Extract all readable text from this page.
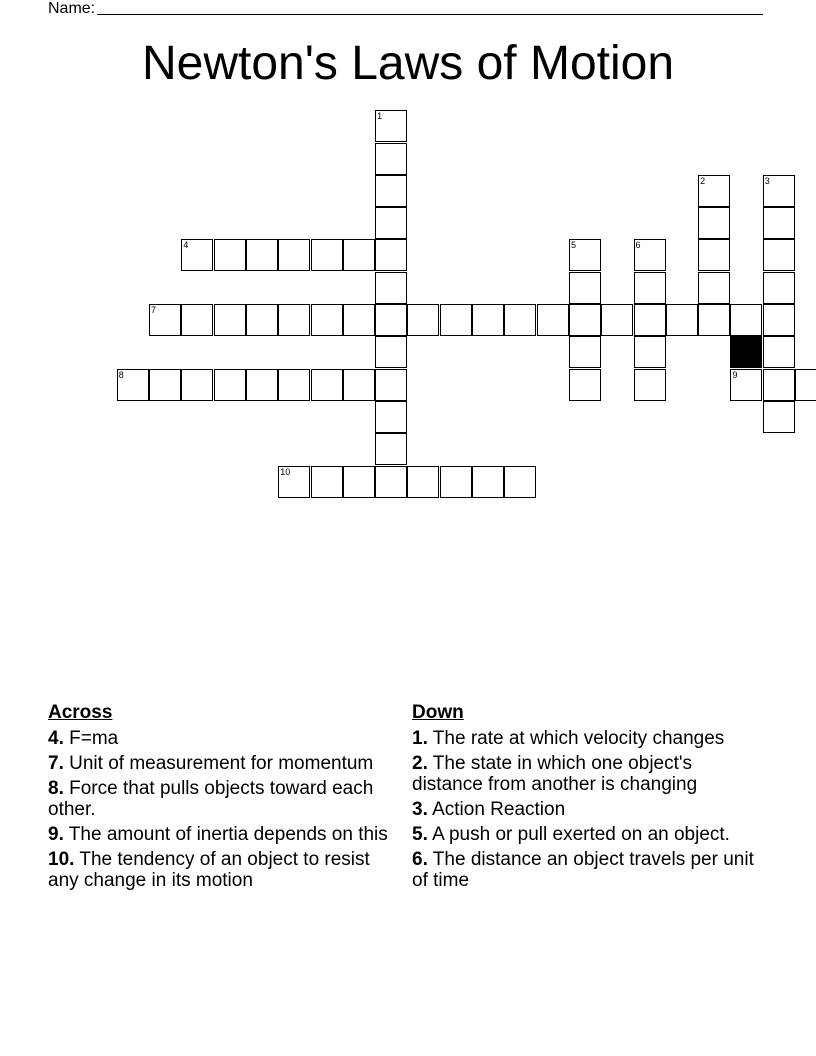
Name:
Newton's Laws of Motion
1
2	3
4	5	6
7
8	9
10
Across
4. F=ma
7. Unit of measurement for momentum
8. Force that pulls objects toward each other.
9. The amount of inertia depends on this
10. The tendency of an object to resist any change in its motion
Down
1. The rate at which velocity changes
2. The state in which one object's distance from another is changing
3. Action Reaction
5. A push or pull exerted on an object.
6. The distance an object travels per unit of time
